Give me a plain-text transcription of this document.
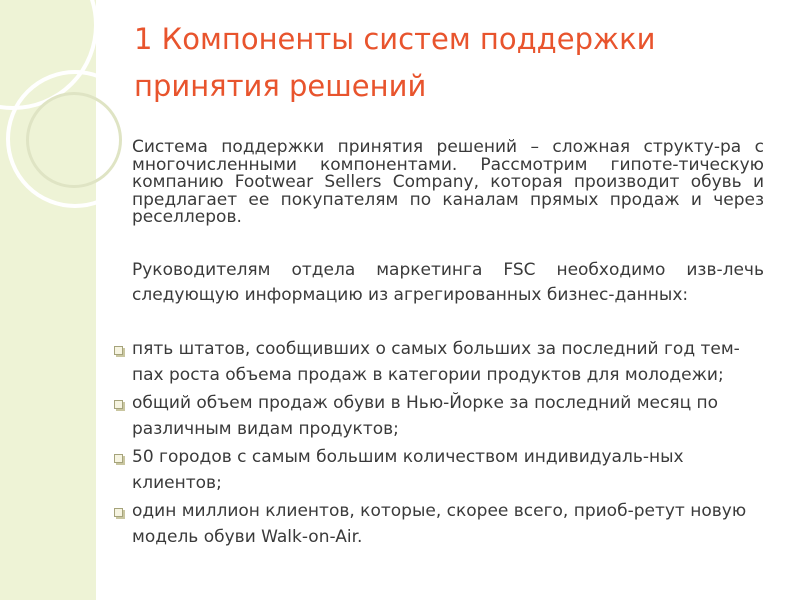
1 Компоненты систем поддержки принятия решений

Система поддержки принятия решений – сложная структу-ра с многочисленными компонентами. Рассмотрим гипоте-тическую компанию Footwear Sellers Company, которая производит обувь и предлагает ее покупателям по каналам прямых продаж и через реселлеров.

Руководителям отдела маркетинга FSC необходимо изв-лечь следующую информацию из агрегированных бизнес-данных:

пять штатов, сообщивших о самых больших за последний год тем-пах роста объема продаж в категории продуктов для молодежи;
общий объем продаж обуви в Нью-Йорке за последний месяц по различным видам продуктов;
50 городов с самым большим количеством индивидуаль-ных клиентов;
один миллион клиентов, которые, скорее всего, приоб-ретут новую модель обуви Walk-on-Air.
